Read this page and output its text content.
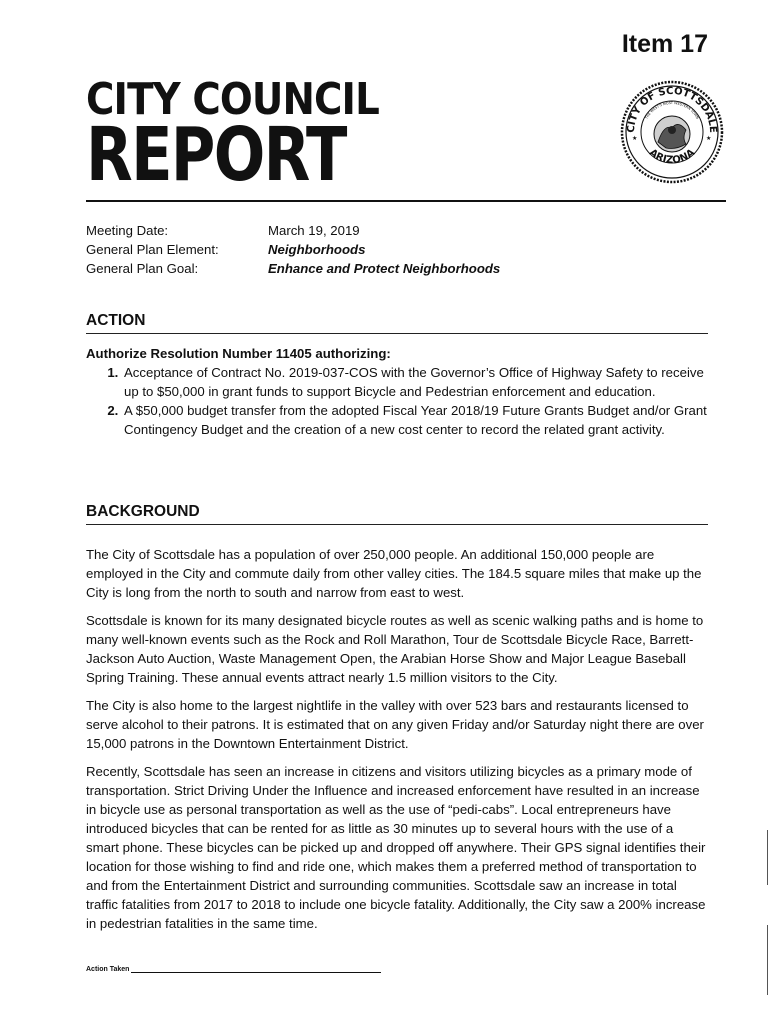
Item 17
CITY COUNCIL
REPORT	CITY OF SCOTTSDALE
ARIZONA
THE WEST'S MOST WESTERN TOWN
★	★
Meeting Date:	March 19, 2019
General Plan Element:	Neighborhoods
General Plan Goal:	Enhance and Protect Neighborhoods
ACTION
Authorize Resolution Number 11405 authorizing:
1. Acceptance of Contract No. 2019-037-COS with the Governor’s Office of Highway Safety to receive up to $50,000 in grant funds to support Bicycle and Pedestrian enforcement and education.
2. A $50,000 budget transfer from the adopted Fiscal Year 2018/19 Future Grants Budget and/or Grant Contingency Budget and the creation of a new cost center to record the related grant activity.
BACKGROUND

The City of Scottsdale has a population of over 250,000 people. An additional 150,000 people are employed in the City and commute daily from other valley cities. The 184.5 square miles that make up the City is long from the north to south and narrow from east to west.

Scottsdale is known for its many designated bicycle routes as well as scenic walking paths and is home to many well-known events such as the Rock and Roll Marathon, Tour de Scottsdale Bicycle Race, Barrett-Jackson Auto Auction, Waste Management Open, the Arabian Horse Show and Major League Baseball Spring Training. These annual events attract nearly 1.5 million visitors to the City.

The City is also home to the largest nightlife in the valley with over 523 bars and restaurants licensed to serve alcohol to their patrons. It is estimated that on any given Friday and/or Saturday night there are over 15,000 patrons in the Downtown Entertainment District.

Recently, Scottsdale has seen an increase in citizens and visitors utilizing bicycles as a primary mode of transportation. Strict Driving Under the Influence and increased enforcement have resulted in an increase in bicycle use as personal transportation as well as the use of “pedi-cabs”. Local entrepreneurs have introduced bicycles that can be rented for as little as 30 minutes up to several hours with the use of a smart phone. These bicycles can be picked up and dropped off anywhere. Their GPS signal identifies their location for those wishing to find and ride one, which makes them a preferred method of transportation to and from the Entertainment District and surrounding communities. Scottsdale saw an increase in total traffic fatalities from 2017 to 2018 to include one bicycle fatality. Additionally, the City saw a 200% increase in pedestrian fatalities in the same time.

Action Taken
